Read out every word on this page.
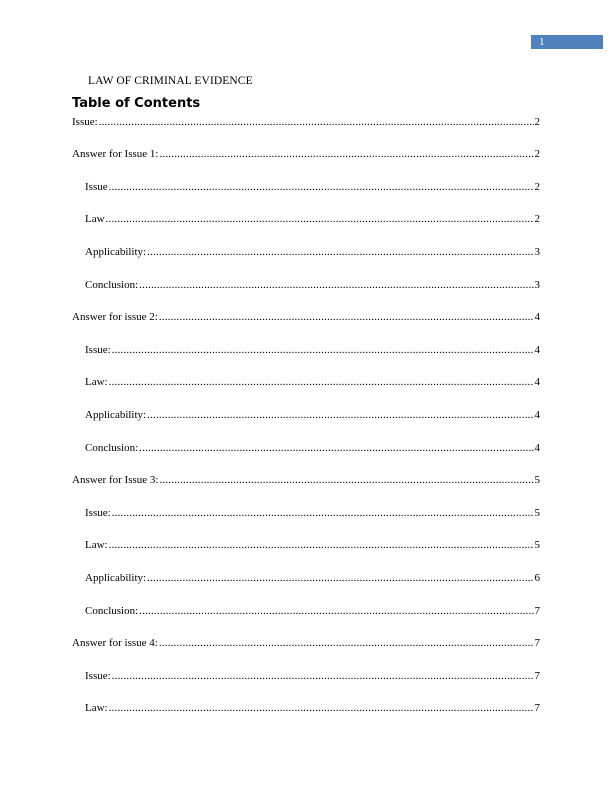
1
LAW OF CRIMINAL EVIDENCE
Table of Contents
Issue: .....	2
Answer for Issue 1: .....	2
Issue .....	2
Law .....	2
Applicability: .....	3
Conclusion: .....	3
Answer for issue 2: .....	4
Issue: .....	4
Law: .....	4
Applicability: .....	4
Conclusion: .....	4
Answer for Issue 3: .....	5
Issue: .....	5
Law: .....	5
Applicability: .....	6
Conclusion: .....	7
Answer for issue 4: .....	7
Issue: .....	7
Law: .....	7
